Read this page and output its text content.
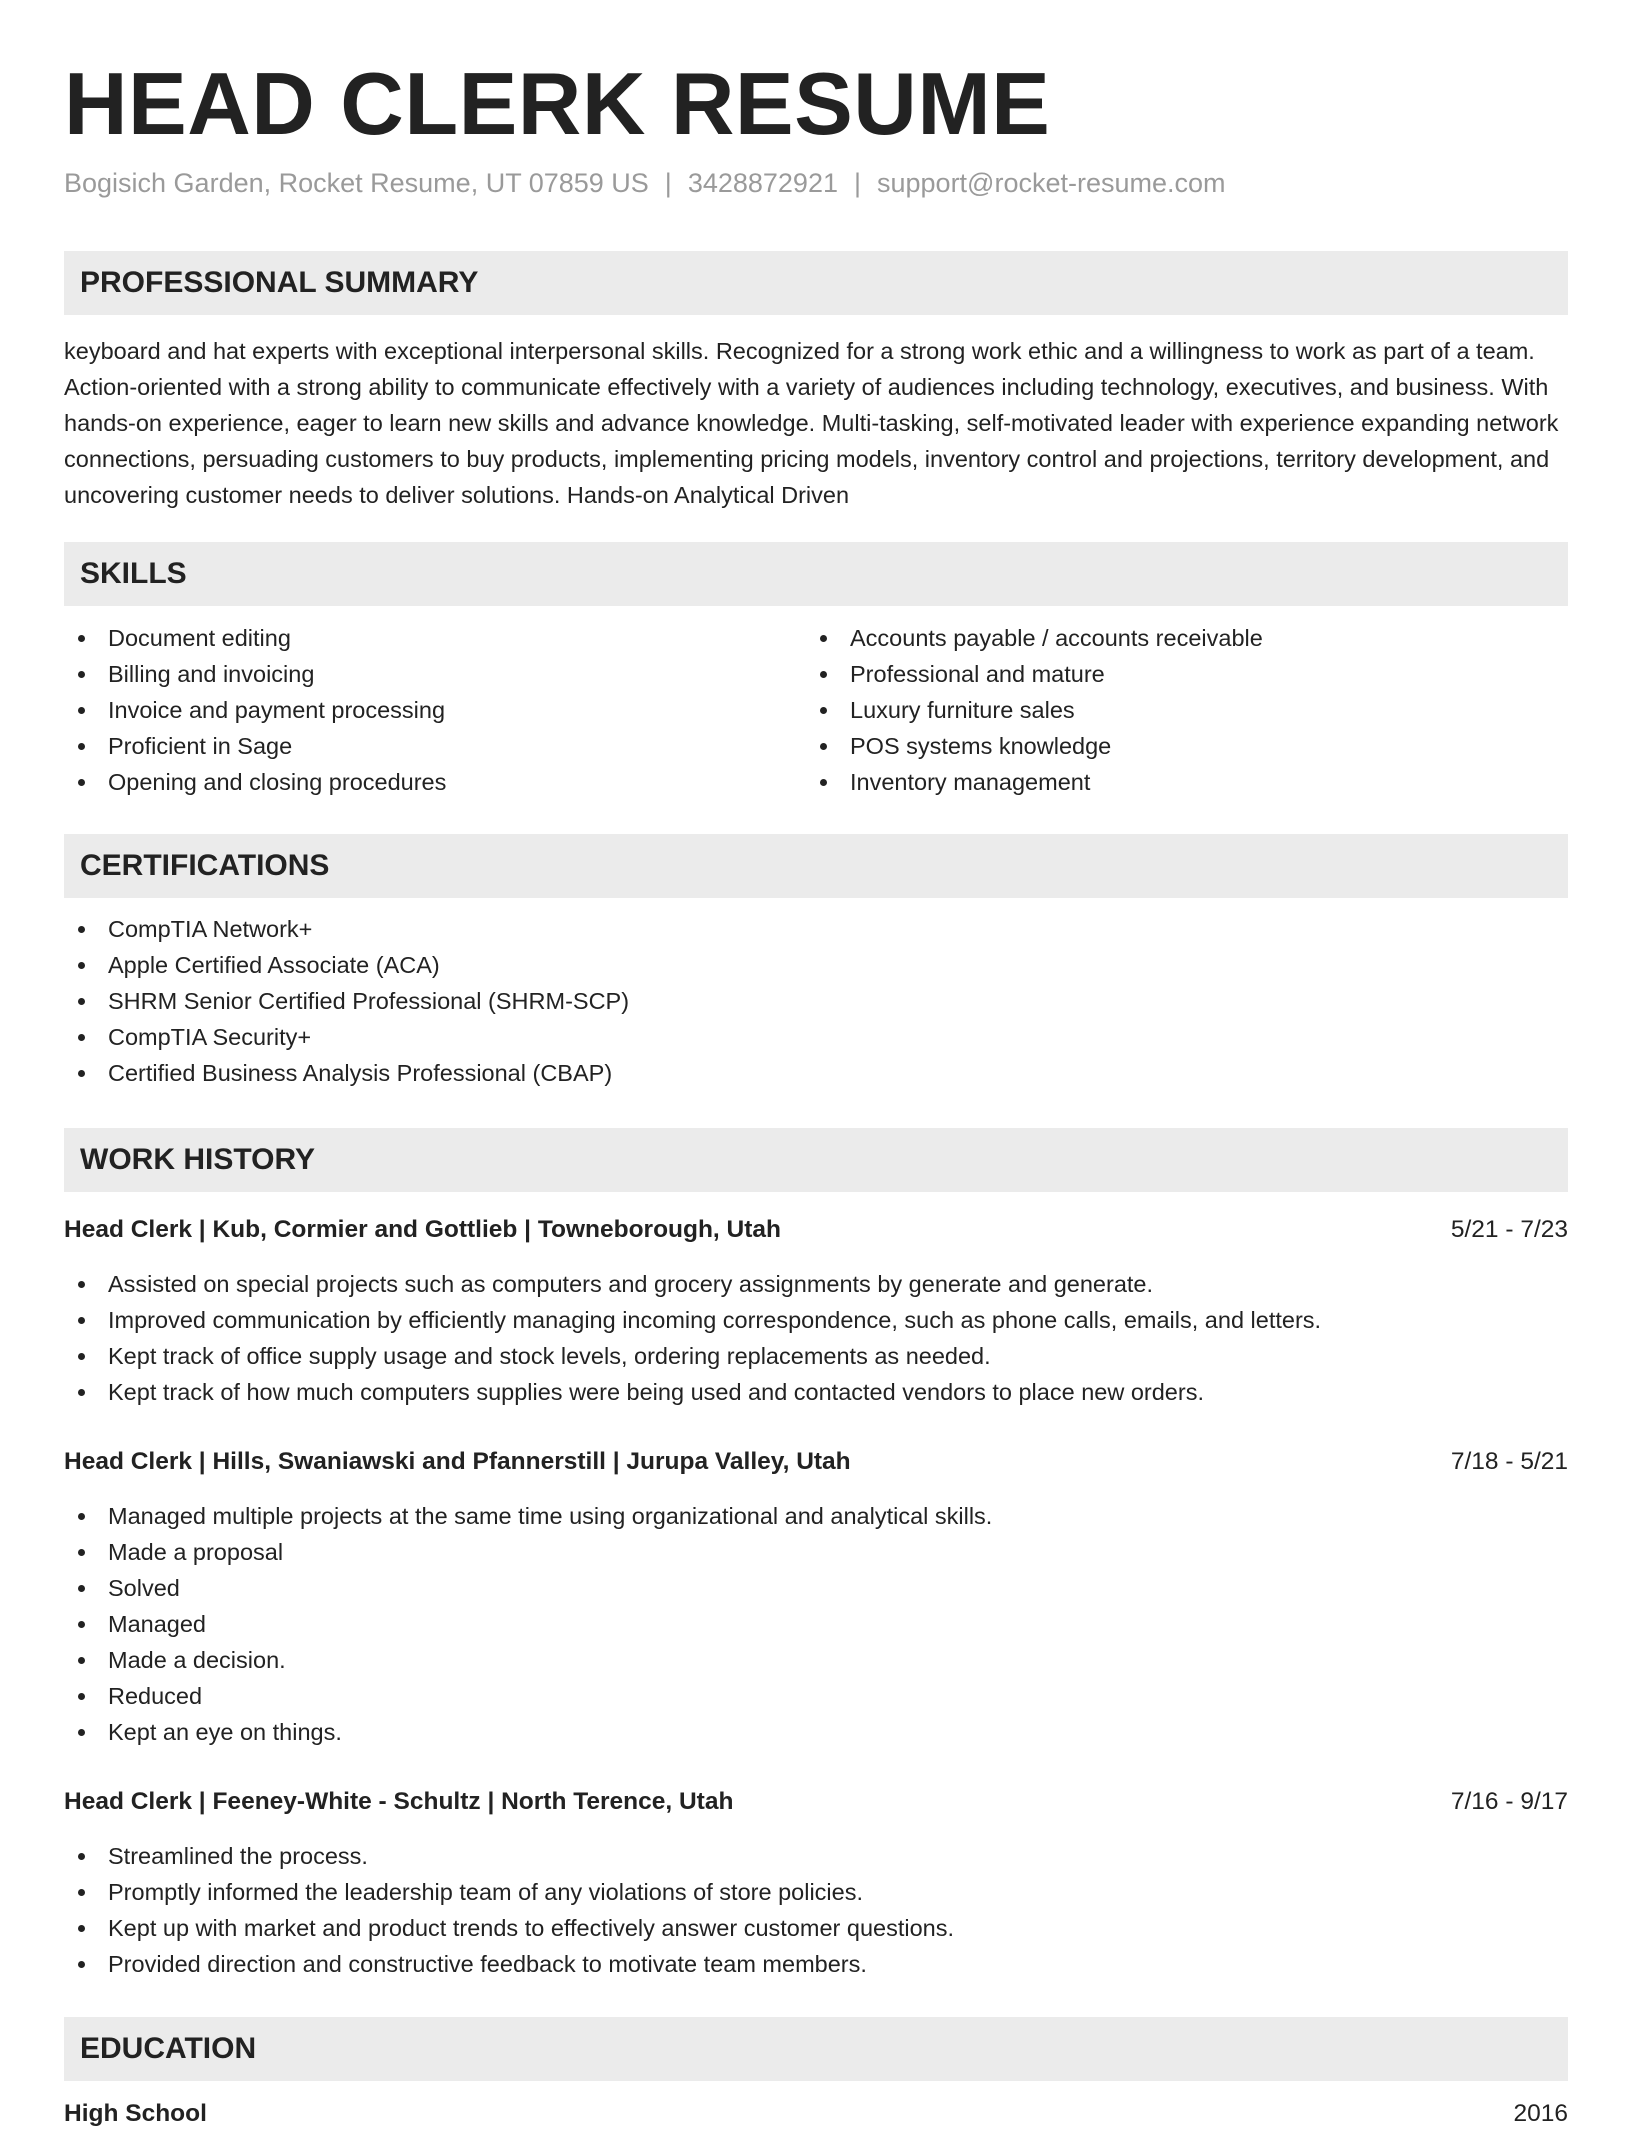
HEAD CLERK RESUME
Bogisich Garden, Rocket Resume, UT 07859 US | 3428872921 | support@rocket-resume.com
PROFESSIONAL SUMMARY

keyboard and hat experts with exceptional interpersonal skills. Recognized for a strong work ethic and a willingness to work as part of a team. Action-oriented with a strong ability to communicate effectively with a variety of audiences including technology, executives, and business. With hands-on experience, eager to learn new skills and advance knowledge. Multi-tasking, self-motivated leader with experience expanding network connections, persuading customers to buy products, implementing pricing models, inventory control and projections, territory development, and uncovering customer needs to deliver solutions. Hands-on Analytical Driven

SKILLS
Document editing
Billing and invoicing
Invoice and payment processing
Proficient in Sage
Opening and closing procedures
Accounts payable / accounts receivable
Professional and mature
Luxury furniture sales
POS systems knowledge
Inventory management
CERTIFICATIONS
CompTIA Network+
Apple Certified Associate (ACA)
SHRM Senior Certified Professional (SHRM-SCP)
CompTIA Security+
Certified Business Analysis Professional (CBAP)
WORK HISTORY
Head Clerk | Kub, Cormier and Gottlieb | Towneborough, Utah	5/21 - 7/23
Assisted on special projects such as computers and grocery assignments by generate and generate.
Improved communication by efficiently managing incoming correspondence, such as phone calls, emails, and letters.
Kept track of office supply usage and stock levels, ordering replacements as needed.
Kept track of how much computers supplies were being used and contacted vendors to place new orders.
Head Clerk | Hills, Swaniawski and Pfannerstill | Jurupa Valley, Utah	7/18 - 5/21
Managed multiple projects at the same time using organizational and analytical skills.
Made a proposal
Solved
Managed
Made a decision.
Reduced
Kept an eye on things.
Head Clerk | Feeney-White - Schultz | North Terence, Utah	7/16 - 9/17
Streamlined the process.
Promptly informed the leadership team of any violations of store policies.
Kept up with market and product trends to effectively answer customer questions.
Provided direction and constructive feedback to motivate team members.
EDUCATION
High School	2016
